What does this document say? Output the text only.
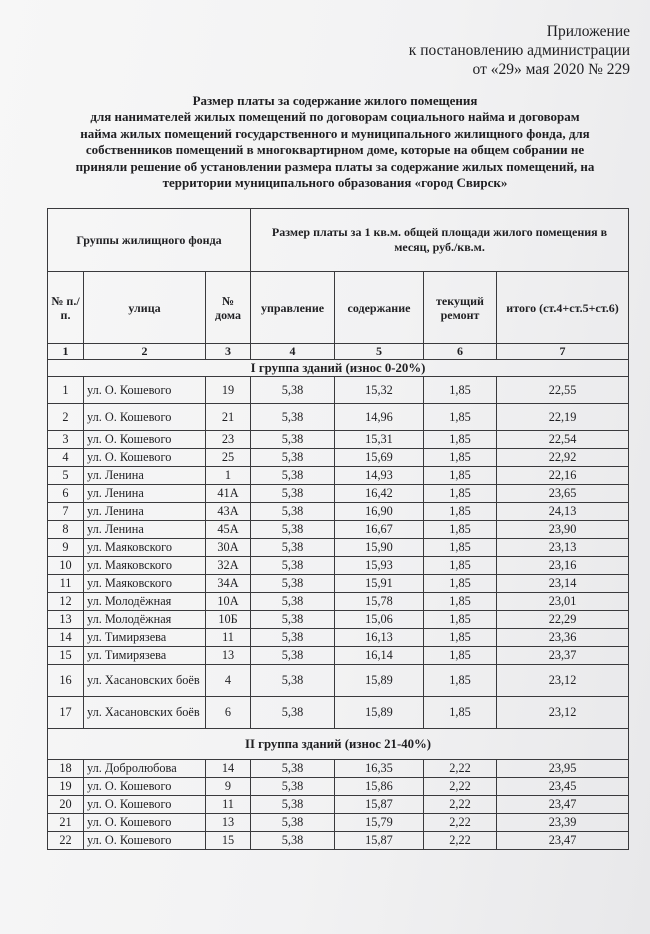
Приложение
к постановлению администрации
от «29» мая 2020 № 229
Размер платы за содержание жилого помещения
для нанимателей жилых помещений по договорам социального найма и договорам
найма жилых помещений государственного и муниципального жилищного фонда, для
собственников помещений в многоквартирном доме, которые на общем собрании не
приняли решение об установлении размера платы за содержание жилых помещений, на
территории муниципального образования «город Свирск»
Группы жилищного фонда			Размер платы за 1 кв.м. общей площади жилого помещения в месяц, руб./кв.м.			
№ п./п.	улица	№ дома	управление	содержание	текущий ремонт	итого (ст.4+ст.5+ст.6)
1	2	3	4	5	6	7
I группа зданий (износ 0-20%)						
1	ул. О. Кошевого	19	5,38	15,32	1,85	22,55
2	ул. О. Кошевого	21	5,38	14,96	1,85	22,19
3	ул. О. Кошевого	23	5,38	15,31	1,85	22,54
4	ул. О. Кошевого	25	5,38	15,69	1,85	22,92
5	ул. Ленина	1	5,38	14,93	1,85	22,16
6	ул. Ленина	41А	5,38	16,42	1,85	23,65
7	ул. Ленина	43А	5,38	16,90	1,85	24,13
8	ул. Ленина	45А	5,38	16,67	1,85	23,90
9	ул. Маяковского	30А	5,38	15,90	1,85	23,13
10	ул. Маяковского	32А	5,38	15,93	1,85	23,16
11	ул. Маяковского	34А	5,38	15,91	1,85	23,14
12	ул. Молодёжная	10А	5,38	15,78	1,85	23,01
13	ул. Молодёжная	10Б	5,38	15,06	1,85	22,29
14	ул. Тимирязева	11	5,38	16,13	1,85	23,36
15	ул. Тимирязева	13	5,38	16,14	1,85	23,37
16	ул. Хасановских боёв	4	5,38	15,89	1,85	23,12
17	ул. Хасановских боёв	6	5,38	15,89	1,85	23,12
II группа зданий (износ 21-40%)						
18	ул. Добролюбова	14	5,38	16,35	2,22	23,95
19	ул. О. Кошевого	9	5,38	15,86	2,22	23,45
20	ул. О. Кошевого	11	5,38	15,87	2,22	23,47
21	ул. О. Кошевого	13	5,38	15,79	2,22	23,39
22	ул. О. Кошевого	15	5,38	15,87	2,22	23,47
